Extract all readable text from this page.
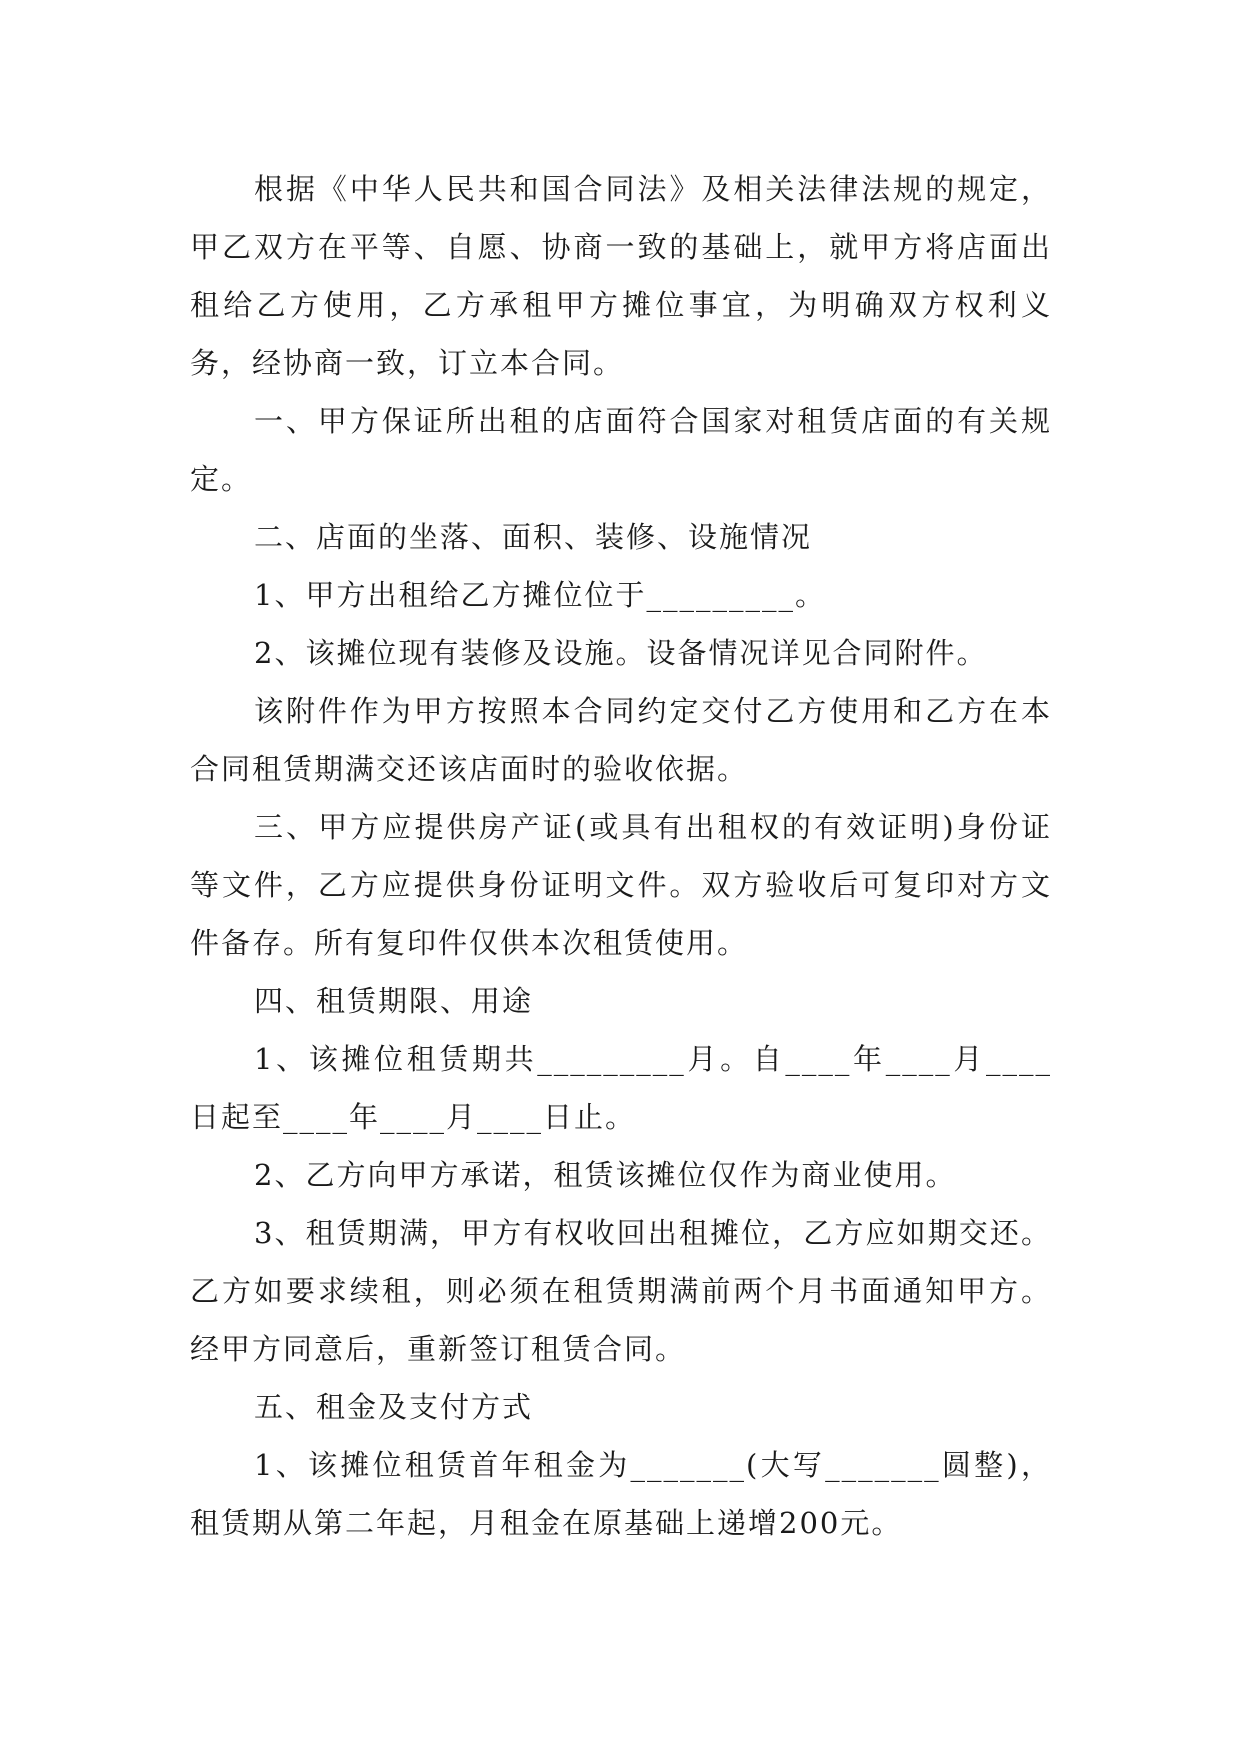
根据《中华人民共和国合同法》及相关法律法规的规定，甲乙双方在平等、自愿、协商一致的基础上，就甲方将店面出租给乙方使用，乙方承租甲方摊位事宜，为明确双方权利义务，经协商一致，订立本合同。

一、甲方保证所出租的店面符合国家对租赁店面的有关规定。

二、店面的坐落、面积、装修、设施情况

1、甲方出租给乙方摊位位于_________。

2、该摊位现有装修及设施。设备情况详见合同附件。

该附件作为甲方按照本合同约定交付乙方使用和乙方在本合同租赁期满交还该店面时的验收依据。

三、甲方应提供房产证(或具有出租权的有效证明)身份证等文件，乙方应提供身份证明文件。双方验收后可复印对方文件备存。所有复印件仅供本次租赁使用。

四、租赁期限、用途

1、该摊位租赁期共_________月。自____年____月____日起至____年____月____日止。

2、乙方向甲方承诺，租赁该摊位仅作为商业使用。

3、租赁期满，甲方有权收回出租摊位，乙方应如期交还。乙方如要求续租，则必须在租赁期满前两个月书面通知甲方。经甲方同意后，重新签订租赁合同。

五、租金及支付方式

1、该摊位租赁首年租金为_______(大写_______圆整)，租赁期从第二年起，月租金在原基础上递增200元。
